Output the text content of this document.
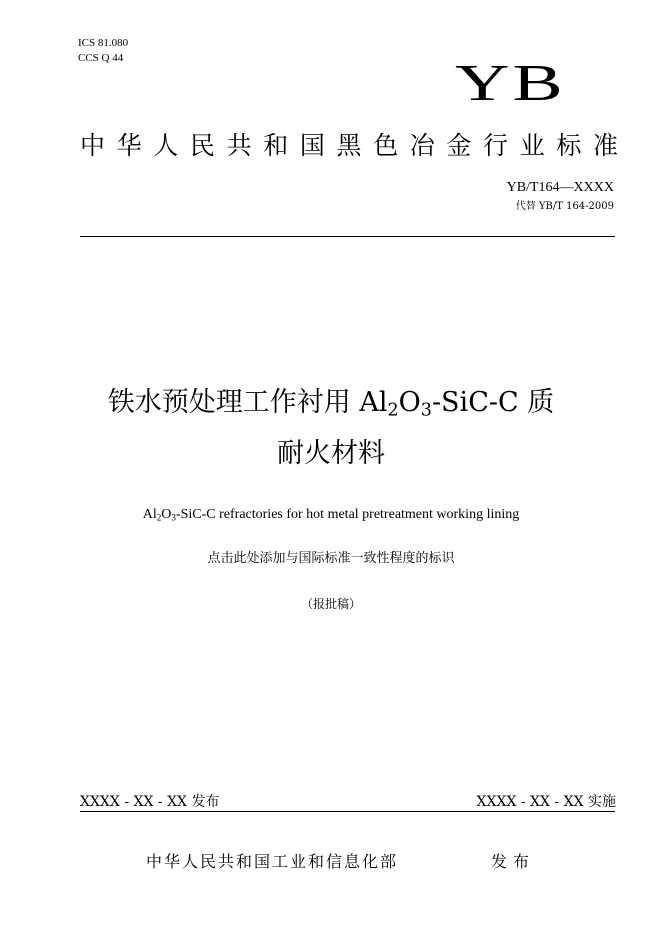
ICS 81.080
CCS Q 44	YB
中 华 人 民 共 和 国 黑 色 冶 金 行 业 标 准
YB/T164—XXXX
代替 YB/T 164-2009
铁水预处理工作衬用 $Al_2O_3-SiC-C$ 质
耐火材料
$Al_2O_3-SiC-C$ refractories for hot metal pretreatment working lining
点击此处添加与国际标准一致性程度的标识
（报批稿）
XXXX - XX - XX 发布	XXXX - XX - XX 实施
中华人民共和国工业和信息化部	发布
